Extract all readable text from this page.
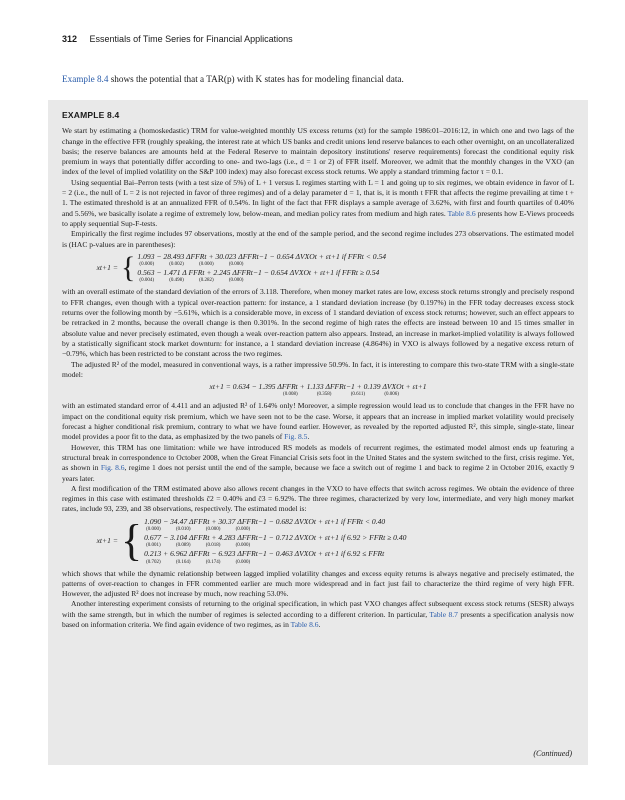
312 Essentials of Time Series for Financial Applications
Example 8.4 shows the potential that a TAR(p) with K states has for modeling financial data.
EXAMPLE 8.4

We start by estimating a (homoskedastic) TRM for value-weighted monthly US excess returns (xt) for the sample 1986:01–2016:12, in which one and two lags of the change in the effective FFR (roughly speaking, the interest rate at which US banks and credit unions lend reserve balances to each other overnight, on an uncollateralized basis; the reserve balances are amounts held at the Federal Reserve to maintain depository institutions' reserve requirements) forecast the conditional equity risk premium in ways that potentially differ according to one- and two-lags (i.e., d = 1 or 2) of FFR itself. Moreover, we admit that the monthly changes in the VXO (an index of the level of implied volatility on the S&P 100 index) may also forecast excess stock returns. We apply a standard trimming factor τ = 0.1.

Using sequential Bai–Perron tests (with a test size of 5%) of L + 1 versus L regimes starting with L = 1 and going up to six regimes, we obtain evidence in favor of L = 2 (i.e., the null of L = 2 is not rejected in favor of three regimes) and of a delay parameter d = 1, that is, it is month t FFR that affects the regime prevailing at time t + 1. The estimated threshold is at an annualized FFR of 0.54%. In light of the fact that FFR displays a sample average of 3.62%, with first and fourth quartiles of 0.40% and 5.56%, we basically isolate a regime of extremely low, below-mean, and median policy rates from medium and high rates. Table 8.6 presents how E-Views proceeds to apply sequential Sup-F-tests.

Empirically the first regime includes 97 observations, mostly at the end of the sample period, and the second regime includes 273 observations. The estimated model is (HAC p-values are in parentheses):

xt+1 = { 1.093 − 28.493 ΔFFRt + 30.023 ΔFFRt−1 − 0.654 ΔVXOt + εt+1 if FFRt < 0.54
(0.000) (0.002) (0.000) (0.000)
0.563 − 1.471 Δ FFRt + 2.245 ΔFFRt−1 − 0.654 ΔVXOt + εt+1 if FFRt ≥ 0.54
(0.004) (0.498) (0.282) (0.000)

with an overall estimate of the standard deviation of the errors of 3.118. Therefore, when money market rates are low, excess stock returns strongly and precisely respond to FFR changes, even though with a typical over-reaction pattern: for instance, a 1 standard deviation increase (by 0.197%) in the FFR today decreases excess stock returns over the following month by −5.61%, which is a considerable move, in excess of 1 standard deviation of excess stock returns; however, such an effect appears to be retracked in 2 months, because the overall change is then 0.301%. In the second regime of high rates the effects are instead between 10 and 15 times smaller in absolute value and never precisely estimated, even though a weak over-reaction pattern also appears. Instead, an increase in market-implied volatility is always followed by a statistically significant stock market downturn: for instance, a 1 standard deviation increase (4.864%) in VXO is always followed by a negative excess return of −0.79%, which has been restricted to be constant across the two regimes.

The adjusted R² of the model, measured in conventional ways, is a rather impressive 50.9%. In fact, it is interesting to compare this two-state TRM with a single-state model:

xt+1 = 0.634 − 1.395 ΔFFRt + 1.133 ΔFFRt−1 + 0.139 ΔVXOt + εt+1
(0.008) (0.358) (0.611) (0.006)

with an estimated standard error of 4.411 and an adjusted R² of 1.64% only! Moreover, a simple regression would lead us to conclude that changes in the FFR have no impact on the conditional equity risk premium, which we have seen not to be the case. Worse, it appears that an increase in implied market volatility would precisely forecast a higher conditional risk premium, contrary to what we have found earlier. However, as revealed by the reported adjusted R², this simple, single-state, linear model provides a poor fit to the data, as emphasized by the two panels of Fig. 8.5.

However, this TRM has one limitation: while we have introduced RS models as models of recurrent regimes, the estimated model almost ends up featuring a structural break in correspondence to October 2008, when the Great Financial Crisis sets foot in the United States and the system switched to the first, crisis regime. Yet, as shown in Fig. 8.6, regime 1 does not persist until the end of the sample, because we face a switch out of regime 1 and back to regime 2 in October 2016, exactly 9 years later.

A first modification of the TRM estimated above also allows recent changes in the VXO to have effects that switch across regimes. We obtain the evidence of three regimes in this case with estimated thresholds ĉ2 = 0.40% and ĉ3 = 6.92%. The three regimes, characterized by very low, intermediate, and very high money market rates, include 93, 239, and 38 observations, respectively. The estimated model is:

xt+1 = { 1.090 − 34.47 ΔFFRt + 30.37 ΔFFRt−1 − 0.682 ΔVXOt + εt+1 if FFRt < 0.40
(0.000) (0.010) (0.000) (0.000)
0.677 − 3.104 ΔFFRt + 4.283 ΔFFRt−1 − 0.712 ΔVXOt + εt+1 if 6.92 > FFRt ≥ 0.40
(0.001) (0.089) (0.018) (0.000)
0.213 + 6.962 ΔFFRt − 6.923 ΔFFRt−1 − 0.463 ΔVXOt + εt+1 if 6.92 ≤ FFRt
(0.702) (0.164) (0.174) (0.000)

which shows that while the dynamic relationship between lagged implied volatility changes and excess equity returns is always negative and precisely estimated, the patterns of over-reaction to changes in FFR commented earlier are much more widespread and in fact just fail to characterize the third regime of very high FFR. However, the adjusted R² does not increase by much, now reaching 53.0%.

Another interesting experiment consists of returning to the original specification, in which past VXO changes affect subsequent excess stock returns (SESR) always with the same strength, but in which the number of regimes is selected according to a different criterion. In particular, Table 8.7 presents a specification analysis now based on information criteria. We find again evidence of two regimes, as in Table 8.6.

(Continued)
